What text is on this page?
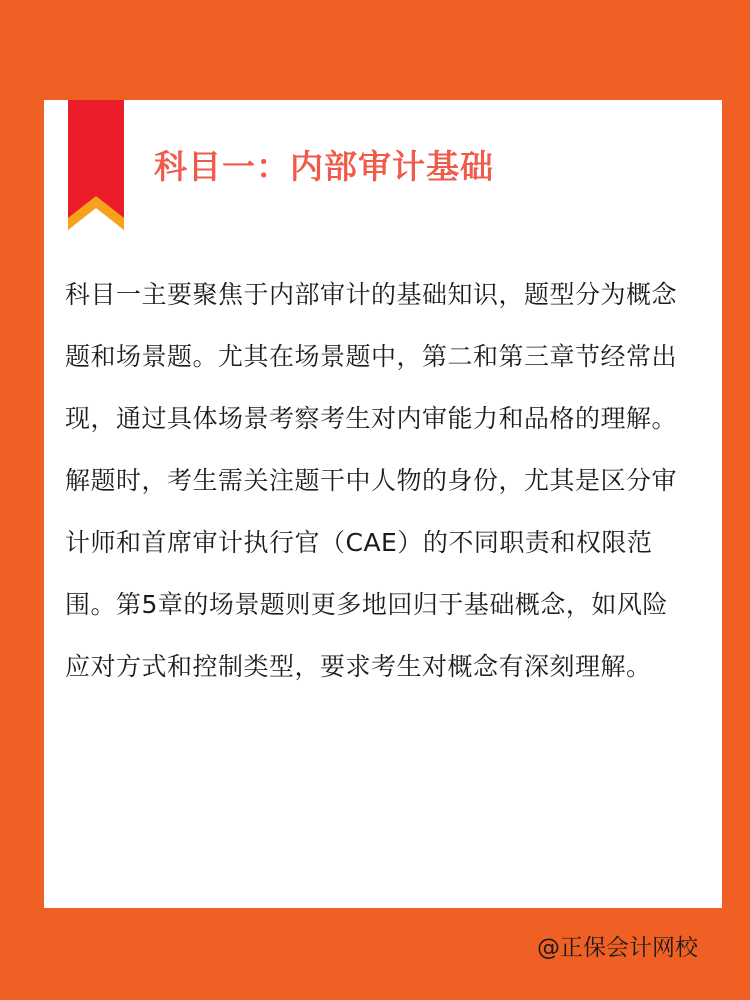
科目一：内部审计基础

科目一主要聚焦于内部审计的基础知识，题型分为概念题和场景题。尤其在场景题中，第二和第三章节经常出现，通过具体场景考察考生对内审能力和品格的理解。

解题时，考生需关注题干中人物的身份，尤其是区分审计师和首席审计执行官（CAE）的不同职责和权限范围。第5章的场景题则更多地回归于基础概念，如风险应对方式和控制类型，要求考生对概念有深刻理解。

@正保会计网校
